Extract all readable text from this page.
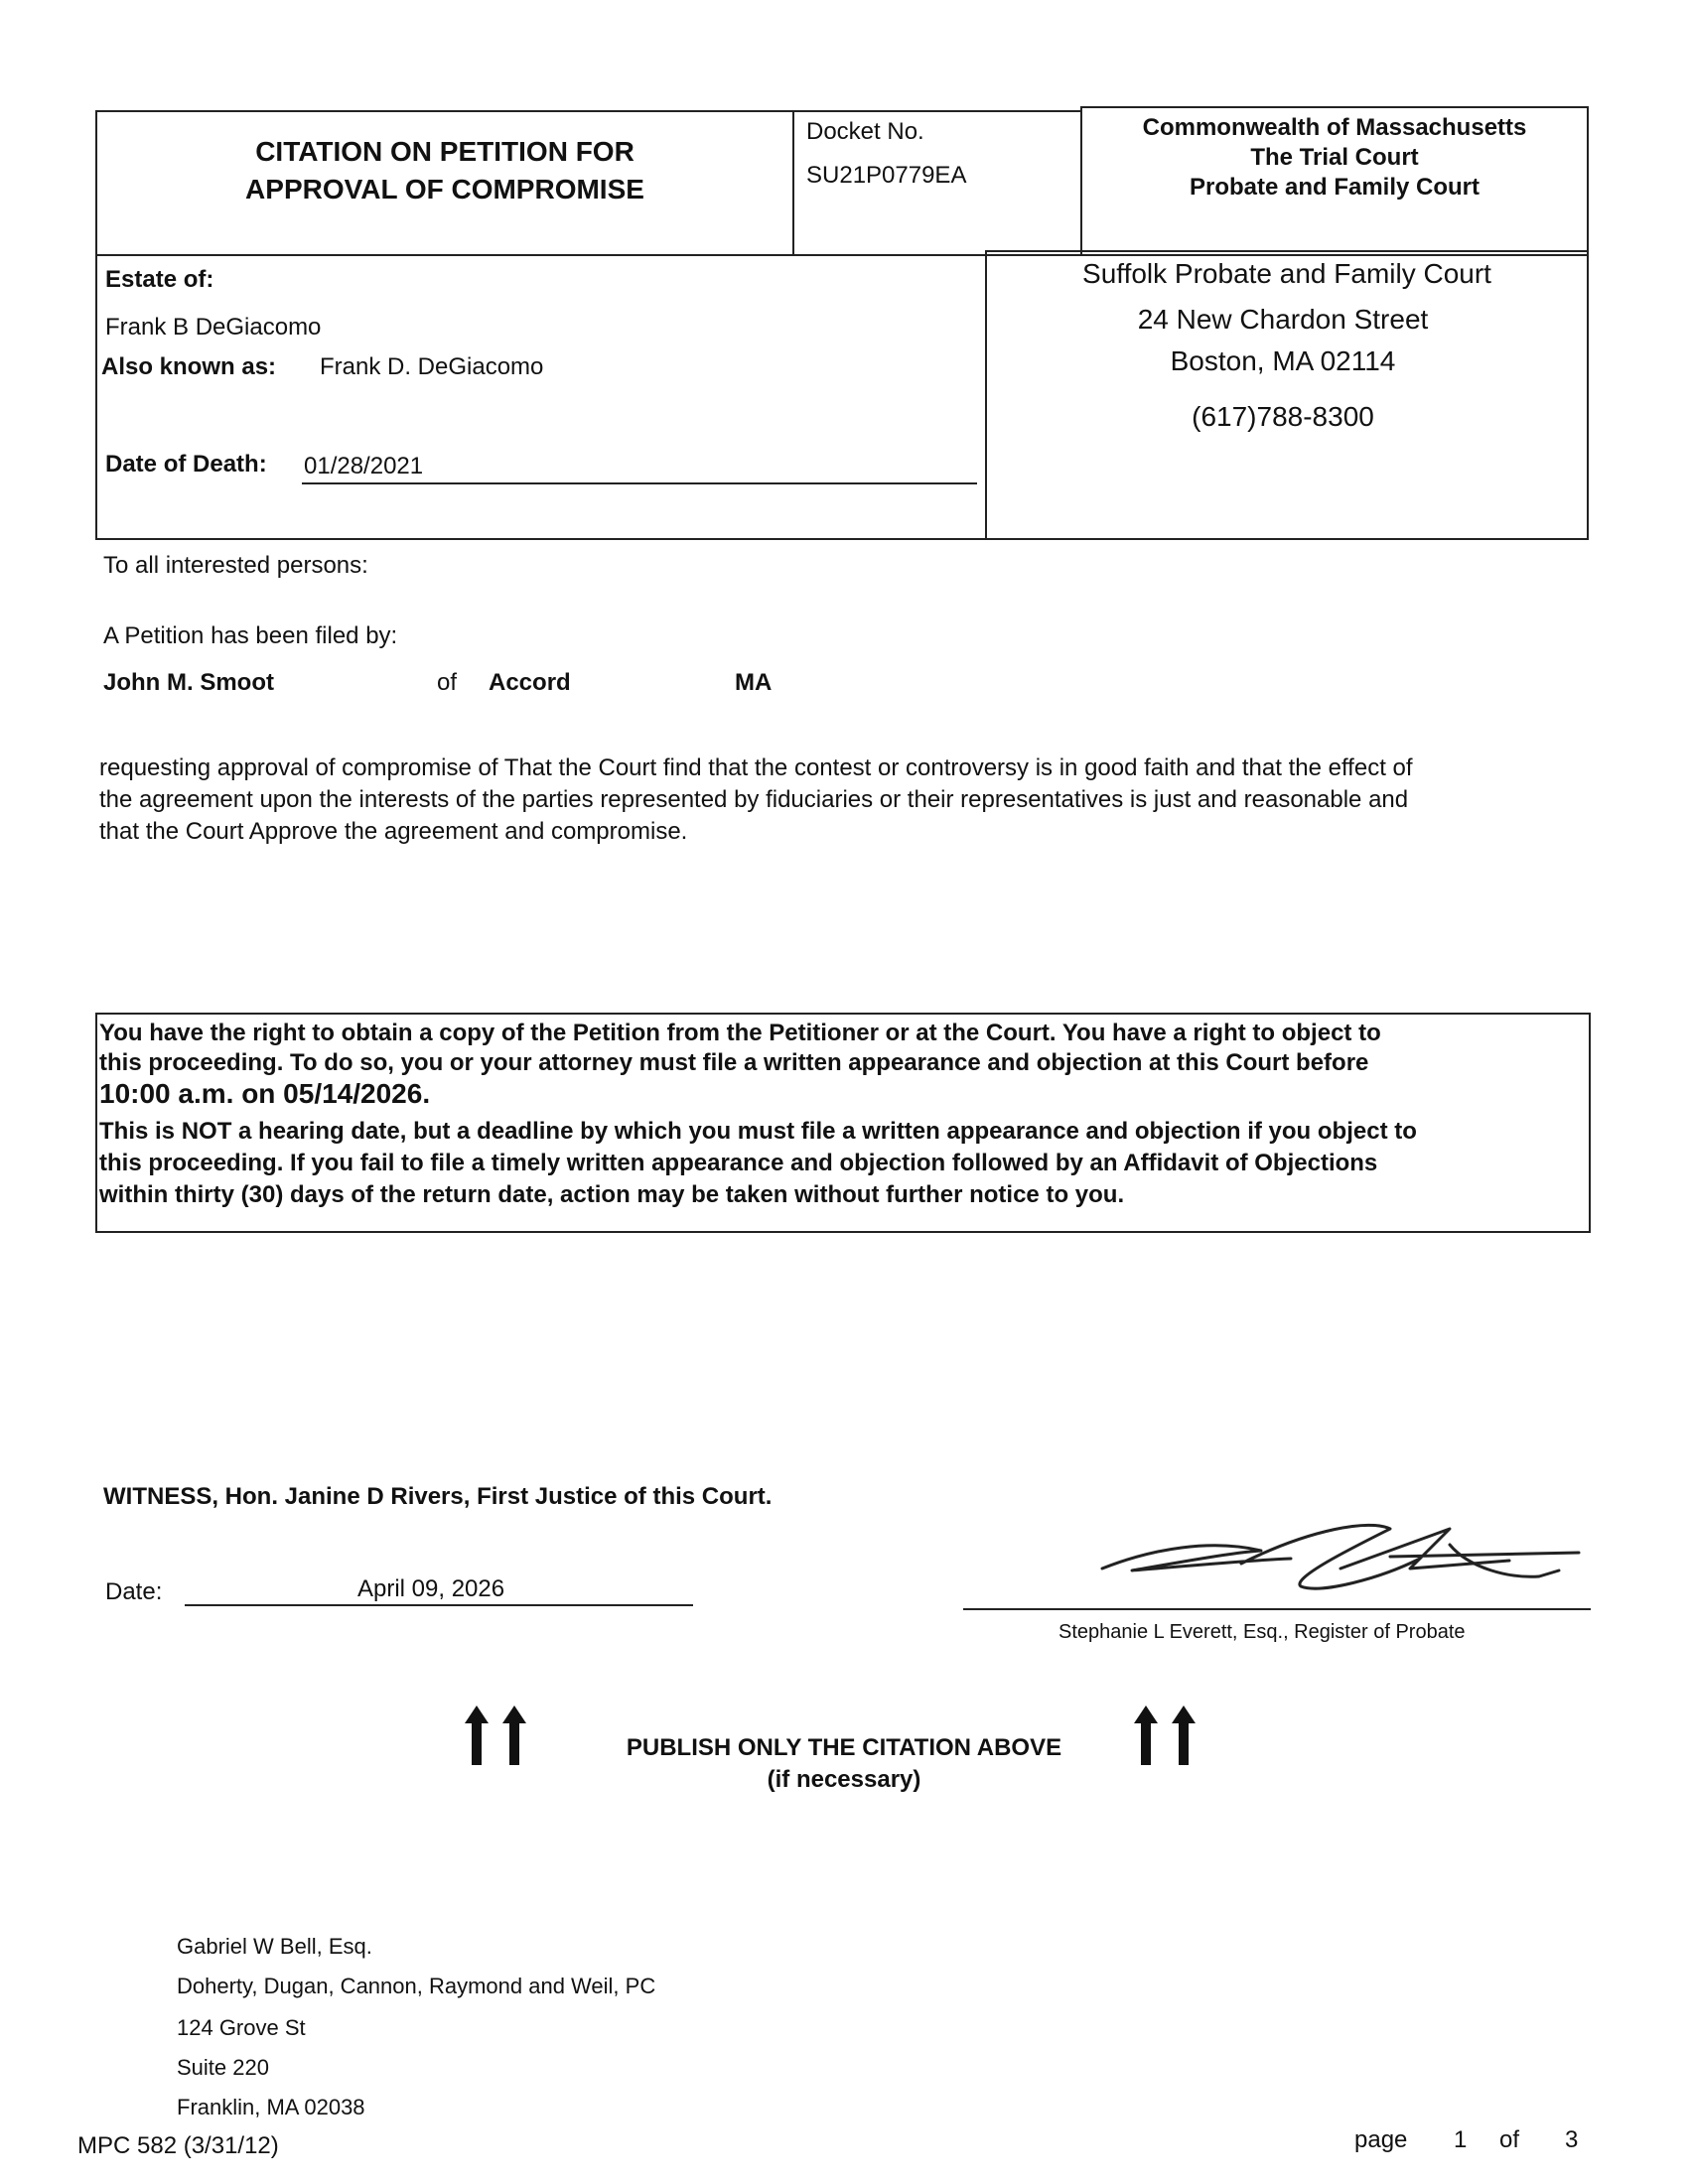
CITATION ON PETITION FOR
APPROVAL OF COMPROMISE
Docket No.
SU21P0779EA
Commonwealth of Massachusetts
The Trial Court
Probate and Family Court
Estate of:
Frank B DeGiacomo
Also known as: Frank D. DeGiacomo
Date of Death: 01/28/2021
Suffolk Probate and Family Court
24 New Chardon Street
Boston, MA 02114
(617)788-8300
To all interested persons:
A Petition has been filed by:
John M. Smoot	of Accord	MA
requesting approval of compromise of That the Court find that the contest or controversy is in good faith and that the effect of
the agreement upon the interests of the parties represented by fiduciaries or their representatives is just and reasonable and
that the Court Approve the agreement and compromise.
You have the right to obtain a copy of the Petition from the Petitioner or at the Court. You have a right to object to
this proceeding. To do so, you or your attorney must file a written appearance and objection at this Court before
10:00 a.m. on 05/14/2026.
This is NOT a hearing date, but a deadline by which you must file a written appearance and objection if you object to
this proceeding. If you fail to file a timely written appearance and objection followed by an Affidavit of Objections
within thirty (30) days of the return date, action may be taken without further notice to you.
WITNESS, Hon. Janine D Rivers, First Justice of this Court.
Date:	April 09, 2026
Stephanie L Everett, Esq., Register of Probate
PUBLISH ONLY THE CITATION ABOVE
(if necessary)
Gabriel W Bell, Esq.
Doherty, Dugan, Cannon, Raymond and Weil, PC
124 Grove St
Suite 220
Franklin, MA 02038
MPC 582 (3/31/12)	page 1 of 3
